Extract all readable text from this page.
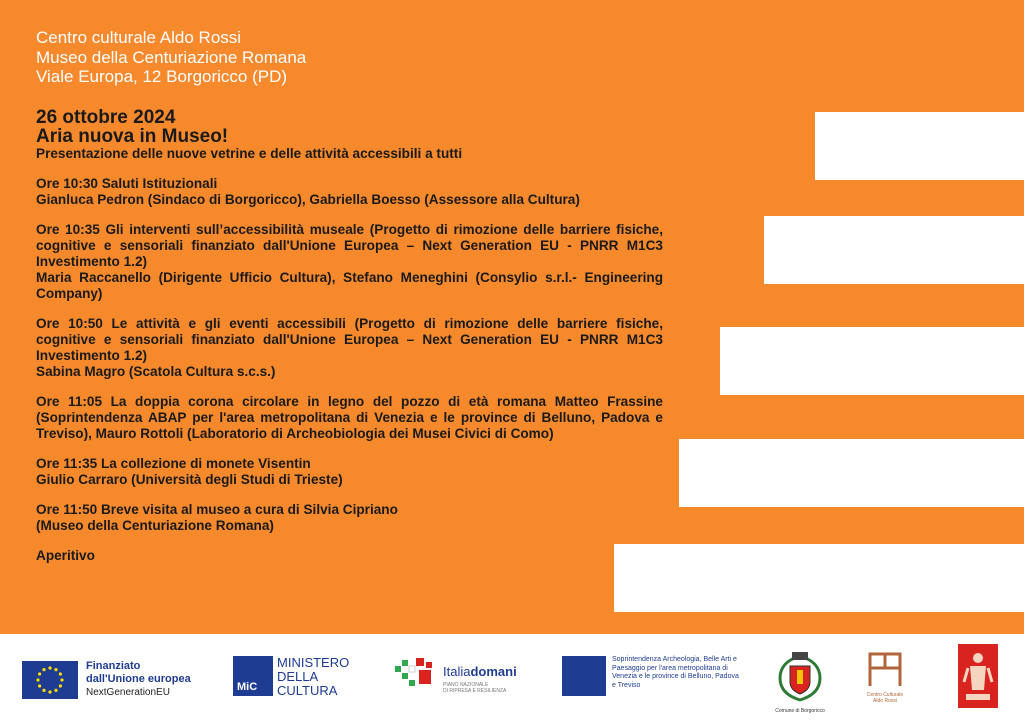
Centro culturale Aldo Rossi
Museo della Centuriazione Romana
Viale Europa, 12 Borgoricco (PD)
26 ottobre 2024
Aria nuova in Museo!
Presentazione delle nuove vetrine e delle attività accessibili a tutti
Ore 10:30 Saluti Istituzionali
Gianluca Pedron (Sindaco di Borgoricco), Gabriella Boesso (Assessore alla Cultura)
Ore 10:35 Gli interventi sull’accessibilità museale (Progetto di rimozione delle barriere fisiche, cognitive e sensoriali finanziato dall'Unione Europea – Next Generation EU - PNRR M1C3 Investimento 1.2)
Maria Raccanello (Dirigente Ufficio Cultura), Stefano Meneghini (Consylio s.r.l.- Engineering Company)
Ore 10:50 Le attività e gli eventi accessibili (Progetto di rimozione delle barriere fisiche, cognitive e sensoriali finanziato dall'Unione Europea – Next Generation EU - PNRR M1C3 Investimento 1.2)
Sabina Magro (Scatola Cultura s.c.s.)
Ore 11:05 La doppia corona circolare in legno del pozzo di età romana Matteo Frassine (Soprintendenza ABAP per l'area metropolitana di Venezia e le province di Belluno, Padova e Treviso), Mauro Rottoli (Laboratorio di Archeobiologia dei Musei Civici di Como)
Ore 11:35 La collezione di monete Visentin
Giulio Carraro (Università degli Studi di Trieste)
Ore 11:50 Breve visita al museo a cura di Silvia Cipriano
(Museo della Centuriazione Romana)
Aperitivo
Finanziato
dall'Unione europea
NextGenerationEU	MiC
MINISTERO
DELLA
CULTURA
Italiadomani
PIANO NAZIONALE
DI RIPRESA E RESILIENZA
Soprintendenza Archeologia, Belle Arti e Paesaggio per l'area metropolitana di Venezia e le province di Belluno, Padova e Treviso
Comune di Borgoricco
Centro Culturale
Aldo Rossi
